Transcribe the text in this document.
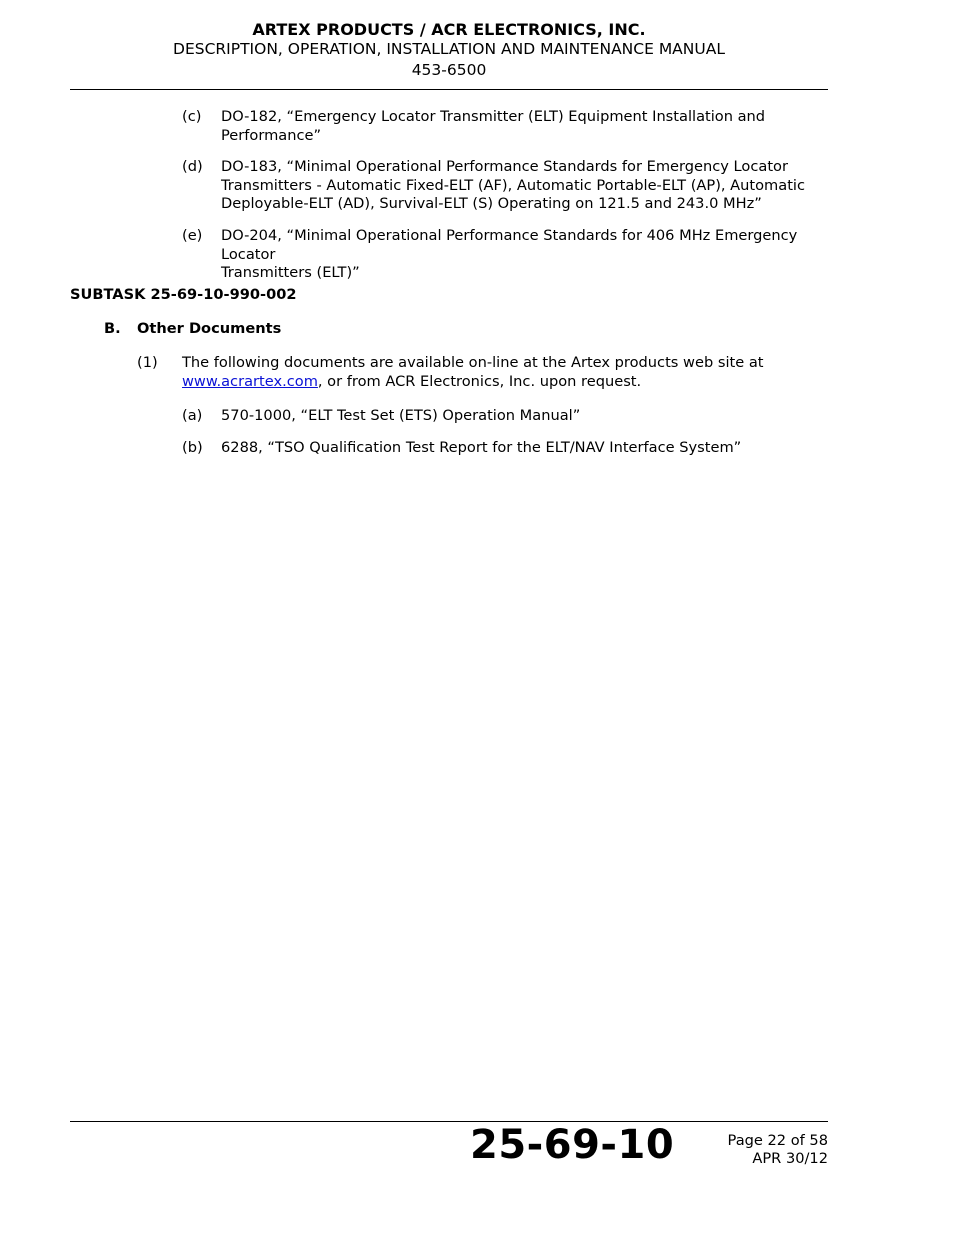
ARTEX PRODUCTS / ACR ELECTRONICS, INC.
DESCRIPTION, OPERATION, INSTALLATION AND MAINTENANCE MANUAL
453-6500
(c) DO-182, “Emergency Locator Transmitter (ELT) Equipment Installation and
Performance”
(d) DO-183, “Minimal Operational Performance Standards for Emergency Locator
Transmitters - Automatic Fixed-ELT (AF), Automatic Portable-ELT (AP), Automatic
Deployable-ELT (AD), Survival-ELT (S) Operating on 121.5 and 243.0 MHz”
(e) DO-204, “Minimal Operational Performance Standards for 406 MHz Emergency Locator
Transmitters (ELT)”
SUBTASK 25-69-10-990-002
B. Other Documents
(1) The following documents are available on-line at the Artex products web site at
www.acrartex.com, or from ACR Electronics, Inc. upon request.
(a) 570-1000, “ELT Test Set (ETS) Operation Manual”
(b) 6288, “TSO Qualification Test Report for the ELT/NAV Interface System”
25-69-10	Page 22 of 58
APR 30/12
